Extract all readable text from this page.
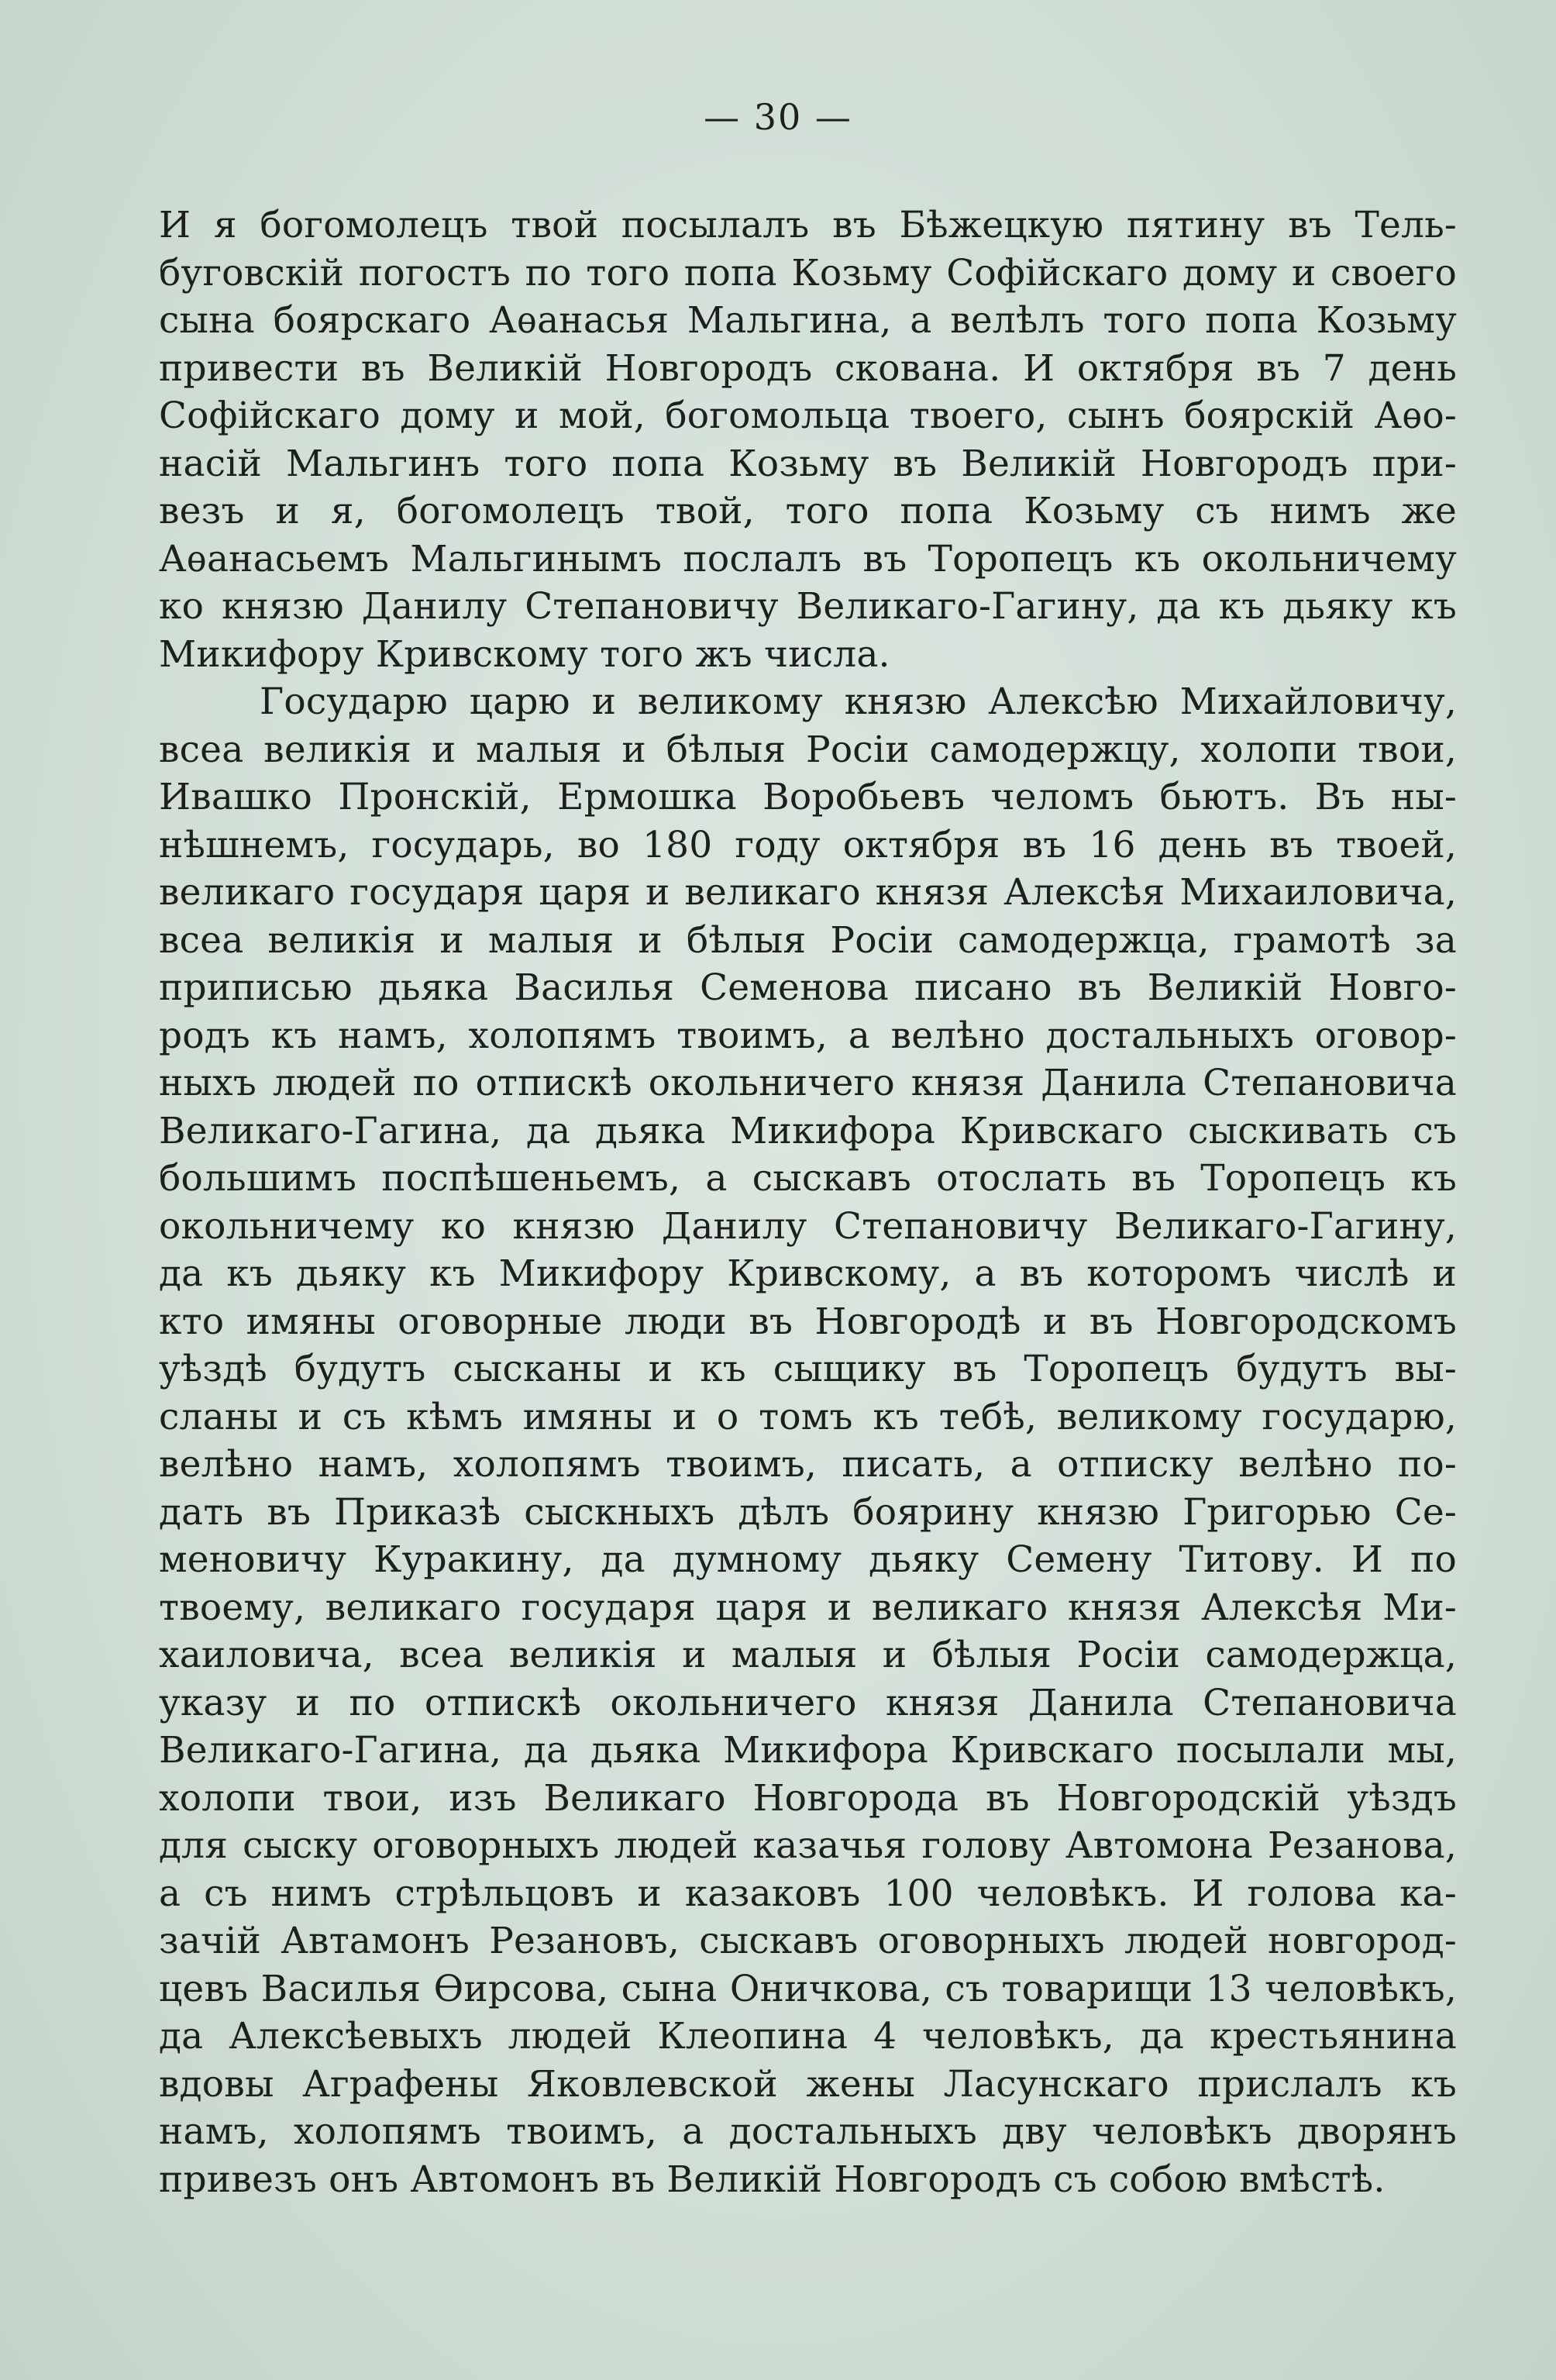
— 30 —
И я богомолецъ твой посылалъ въ Бѣжецкую пятину въ Тель-
буговскій погостъ по того попа Козьму Софійскаго дому и своего
сына боярскаго Аѳанасья Мальгина, а велѣлъ того попа Козьму
привести въ Великій Новгородъ скована. И октября въ 7 день
Софійскаго дому и мой, богомольца твоего, сынъ боярскій Аѳо-
насій Мальгинъ того попа Козьму въ Великій Новгородъ при-
везъ и я, богомолецъ твой, того попа Козьму съ нимъ же
Аѳанасьемъ Мальгинымъ послалъ въ Торопецъ къ окольничему
ко князю Данилу Степановичу Великаго-Гагину, да къ дьяку къ
Микифору Кривскому того жъ числа.
Государю царю и великому князю Алексѣю Михайловичу,
всеа великія и малыя и бѣлыя Росіи самодержцу, холопи твои,
Ивашко Пронскій, Ермошка Воробьевъ челомъ бьютъ. Въ ны-
нѣшнемъ, государь, во 180 году октября въ 16 день въ твоей,
великаго государя царя и великаго князя Алексѣя Михаиловича,
всеа великія и малыя и бѣлыя Росіи самодержца, грамотѣ за
приписью дьяка Василья Семенова писано въ Великій Новго-
родъ къ намъ, холопямъ твоимъ, а велѣно достальныхъ оговор-
ныхъ людей по отпискѣ окольничего князя Данила Степановича
Великаго-Гагина, да дьяка Микифора Кривскаго сыскивать съ
большимъ поспѣшеньемъ, а сыскавъ отослать въ Торопецъ къ
окольничему ко князю Данилу Степановичу Великаго-Гагину,
да къ дьяку къ Микифору Кривскому, а въ которомъ числѣ и
кто имяны оговорные люди въ Новгородѣ и въ Новгородскомъ
уѣздѣ будутъ сысканы и къ сыщику въ Торопецъ будутъ вы-
сланы и съ кѣмъ имяны и о томъ къ тебѣ, великому государю,
велѣно намъ, холопямъ твоимъ, писать, а отписку велѣно по-
дать въ Приказѣ сыскныхъ дѣлъ боярину князю Григорью Се-
меновичу Куракину, да думному дьяку Семену Титову. И по
твоему, великаго государя царя и великаго князя Алексѣя Ми-
хаиловича, всеа великія и малыя и бѣлыя Росіи самодержца,
указу и по отпискѣ окольничего князя Данила Степановича
Великаго-Гагина, да дьяка Микифора Кривскаго посылали мы,
холопи твои, изъ Великаго Новгорода въ Новгородскій уѣздъ
для сыску оговорныхъ людей казачья голову Автомона Резанова,
а съ нимъ стрѣльцовъ и казаковъ 100 человѣкъ. И голова ка-
зачій Автамонъ Резановъ, сыскавъ оговорныхъ людей новгород-
цевъ Василья Ѳирсова, сына Оничкова, съ товарищи 13 человѣкъ,
да Алексѣевыхъ людей Клеопина 4 человѣкъ, да крестьянина
вдовы Аграфены Яковлевской жены Ласунскаго прислалъ къ
намъ, холопямъ твоимъ, а достальныхъ дву человѣкъ дворянъ
привезъ онъ Автомонъ въ Великій Новгородъ съ собою вмѣстѣ.
